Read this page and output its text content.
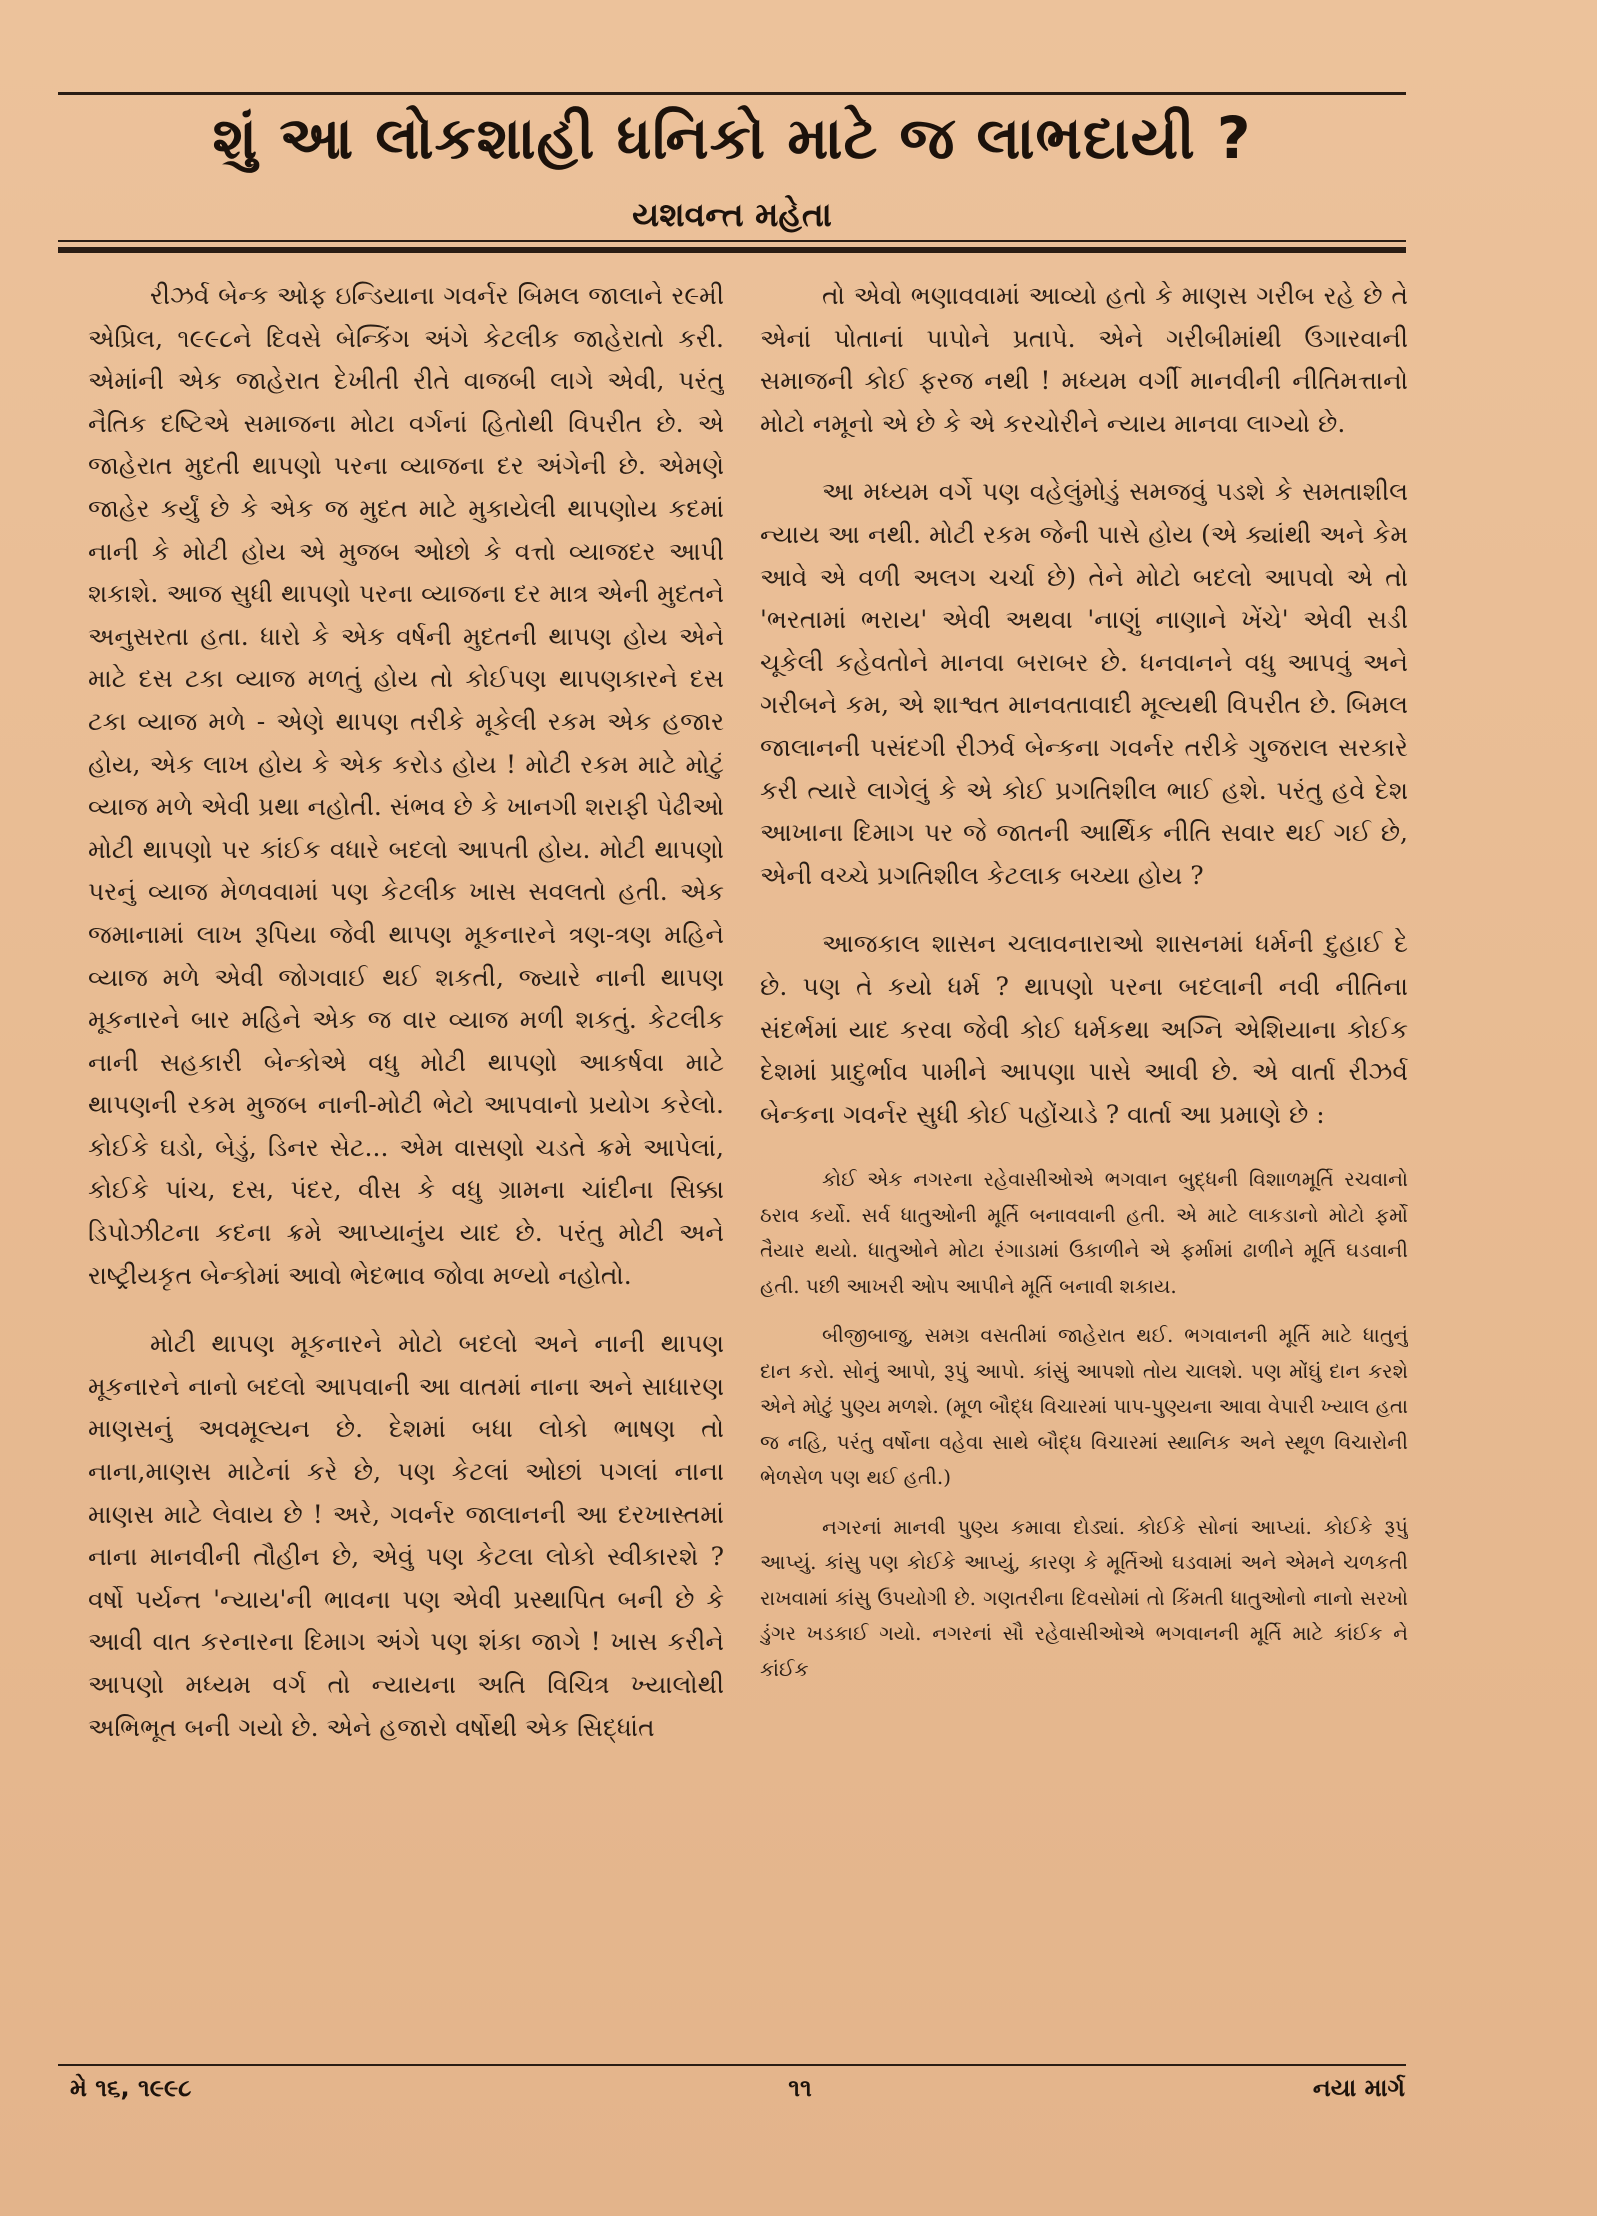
શું આ લોકશાહી ધનિકો માટે જ લાભદાયી ?
યશવન્ત મહેતા

રીઝર્વ બેન્ક ઓફ ઇન્ડિયાના ગવર્નર બિમલ જાલાને ર૯મી એપ્રિલ, ૧૯૯૮ને દિવસે બેન્કિંગ અંગે કેટલીક જાહેરાતો કરી. એમાંની એક જાહેરાત દેખીતી રીતે વાજબી લાગે એવી, પરંતુ નૈતિક દષ્ટિએ સમાજના મોટા વર્ગનાં હિતોથી વિપરીત છે. એ જાહેરાત મુદતી થાપણો પરના વ્યાજના દર અંગેની છે. એમણે જાહેર કર્યું છે કે એક જ મુદત માટે મુકાયેલી થાપણોય કદમાં નાની કે મોટી હોય એ મુજબ ઓછો કે વત્તો વ્યાજદર આપી શકાશે. આજ સુધી થાપણો પરના વ્યાજના દર માત્ર એની મુદતને અનુસરતા હતા. ધારો કે એક વર્ષની મુદતની થાપણ હોય એને માટે દસ ટકા વ્યાજ મળતું હોય તો કોઈપણ થાપણકારને દસ ટકા વ્યાજ મળે - એણે થાપણ તરીકે મૂકેલી રકમ એક હજાર હોય, એક લાખ હોય કે એક કરોડ હોય ! મોટી રકમ માટે મોટું વ્યાજ મળે એવી પ્રથા નહોતી. સંભવ છે કે ખાનગી શરાફી પેઢીઓ મોટી થાપણો પર કાંઈક વધારે બદલો આપતી હોય. મોટી થાપણો પરનું વ્યાજ મેળવવામાં પણ કેટલીક ખાસ સવલતો હતી. એક જમાનામાં લાખ રૂપિયા જેવી થાપણ મૂકનારને ત્રણ-ત્રણ મહિને વ્યાજ મળે એવી જોગવાઈ થઈ શકતી, જ્યારે નાની થાપણ મૂકનારને બાર મહિને એક જ વાર વ્યાજ મળી શકતું. કેટલીક નાની સહકારી બેન્કોએ વધુ મોટી થાપણો આકર્ષવા માટે થાપણની રકમ મુજબ નાની-મોટી ભેટો આપવાનો પ્રયોગ કરેલો. કોઈકે ઘડો, બેડું, ડિનર સેટ... એમ વાસણો ચડતે ક્રમે આપેલાં, કોઈકે પાંચ, દસ, પંદર, વીસ કે વધુ ગ્રામના ચાંદીના સિક્કા ડિપોઝીટના કદના ક્રમે આપ્યાનુંય યાદ છે. પરંતુ મોટી અને રાષ્ટ્રીયકૃત બેન્કોમાં આવો ભેદભાવ જોવા મળ્યો નહોતો.

મોટી થાપણ મૂકનારને મોટો બદલો અને નાની થાપણ મૂકનારને નાનો બદલો આપવાની આ વાતમાં નાના અને સાધારણ માણસનું અવમૂલ્યન છે. દેશમાં બધા લોકો ભાષણ તો નાના,માણસ માટેનાં કરે છે, પણ કેટલાં ઓછાં પગલાં નાના માણસ માટે લેવાય છે ! અરે, ગવર્નર જાલાનની આ દરખાસ્તમાં નાના માનવીની તૌહીન છે, એવું પણ કેટલા લોકો સ્વીકારશે ? વર્ષો પર્યન્ત 'ન્યાય'ની ભાવના પણ એવી પ્રસ્થાપિત બની છે કે આવી વાત કરનારના દિમાગ અંગે પણ શંકા જાગે ! ખાસ કરીને આપણો મધ્યમ વર્ગ તો ન્યાયના અતિ વિચિત્ર ખ્યાલોથી અભિભૂત બની ગયો છે. એને હજારો વર્ષોથી એક સિદ્ધાંત

તો એવો ભણાવવામાં આવ્યો હતો કે માણસ ગરીબ રહે છે તે એનાં પોતાનાં પાપોને પ્રતાપે. એને ગરીબીમાંથી ઉગારવાની સમાજની કોઈ ફરજ નથી ! મધ્યમ વર્ગી માનવીની નીતિમત્તાનો મોટો નમૂનો એ છે કે એ કરચોરીને ન્યાય માનવા લાગ્યો છે.

આ મધ્યમ વર્ગે પણ વહેલુંમોડું સમજવું પડશે કે સમતાશીલ ન્યાય આ નથી. મોટી રકમ જેની પાસે હોય (એ ક્યાંથી અને કેમ આવે એ વળી અલગ ચર્ચા છે) તેને મોટો બદલો આપવો એ તો 'ભરતામાં ભરાય' એવી અથવા 'નાણું નાણાને ખેંચે' એવી સડી ચૂકેલી કહેવતોને માનવા બરાબર છે. ધનવાનને વધુ આપવું અને ગરીબને કમ, એ શાશ્વત માનવતાવાદી મૂલ્યથી વિપરીત છે. બિમલ જાલાનની પસંદગી રીઝર્વ બેન્કના ગવર્નર તરીકે ગુજરાલ સરકારે કરી ત્યારે લાગેલું કે એ કોઈ પ્રગતિશીલ ભાઈ હશે. પરંતુ હવે દેશ આખાના દિમાગ પર જે જાતની આર્થિક નીતિ સવાર થઈ ગઈ છે, એની વચ્ચે પ્રગતિશીલ કેટલાક બચ્યા હોય ?

આજકાલ શાસન ચલાવનારાઓ શાસનમાં ધર્મની દુહાઈ દે છે. પણ તે કયો ધર્મ ? થાપણો પરના બદલાની નવી નીતિના સંદર્ભમાં યાદ કરવા જેવી કોઈ ધર્મકથા અગ્નિ એશિયાના કોઈક દેશમાં પ્રાદુર્ભાવ પામીને આપણા પાસે આવી છે. એ વાર્તા રીઝર્વ બેન્કના ગવર્નર સુધી કોઈ પહોંચાડે ? વાર્તા આ પ્રમાણે છે :

કોઈ એક નગરના રહેવાસીઓએ ભગવાન બુદ્ધની વિશાળમૂર્તિ રચવાનો ઠરાવ કર્યો. સર્વ ધાતુઓની મૂર્તિ બનાવવાની હતી. એ માટે લાકડાનો મોટો ફર્મો તૈયાર થયો. ધાતુઓને મોટા રંગાડામાં ઉકાળીને એ ફર્મામાં ઢાળીને મૂર્તિ ઘડવાની હતી. પછી આખરી ઓપ આપીને મૂર્તિ બનાવી શકાય.

બીજીબાજુ, સમગ્ર વસતીમાં જાહેરાત થઈ. ભગવાનની મૂર્તિ માટે ધાતુનું દાન કરો. સોનું આપો, રૂપું આપો. કાંસું આપશો તોય ચાલશે. પણ મોંઘું દાન કરશે એને મોટું પુણ્ય મળશે. (મૂળ બૌદ્ધ વિચારમાં પાપ-પુણ્યના આવા વેપારી ખ્યાલ હતા જ નહિ, પરંતુ વર્ષોના વહેવા સાથે બૌદ્ધ વિચારમાં સ્થાનિક અને સ્થૂળ વિચારોની ભેળસેળ પણ થઈ હતી.)

નગરનાં માનવી પુણ્ય કમાવા દોડ્યાં. કોઈકે સોનાં આપ્યાં. કોઈકે રૂપું આપ્યું. કાંસુ પણ કોઈકે આપ્યું, કારણ કે મૂર્તિઓ ઘડવામાં અને એમને ચળકતી રાખવામાં કાંસુ ઉપયોગી છે. ગણતરીના દિવસોમાં તો કિંમતી ધાતુઓનો નાનો સરખો ડુંગર ખડકાઈ ગયો. નગરનાં સૌ રહેવાસીઓએ ભગવાનની મૂર્તિ માટે કાંઈક ને કાંઈક

મે ૧૬, ૧૯૯૮	૧૧	નયા માર્ગ
